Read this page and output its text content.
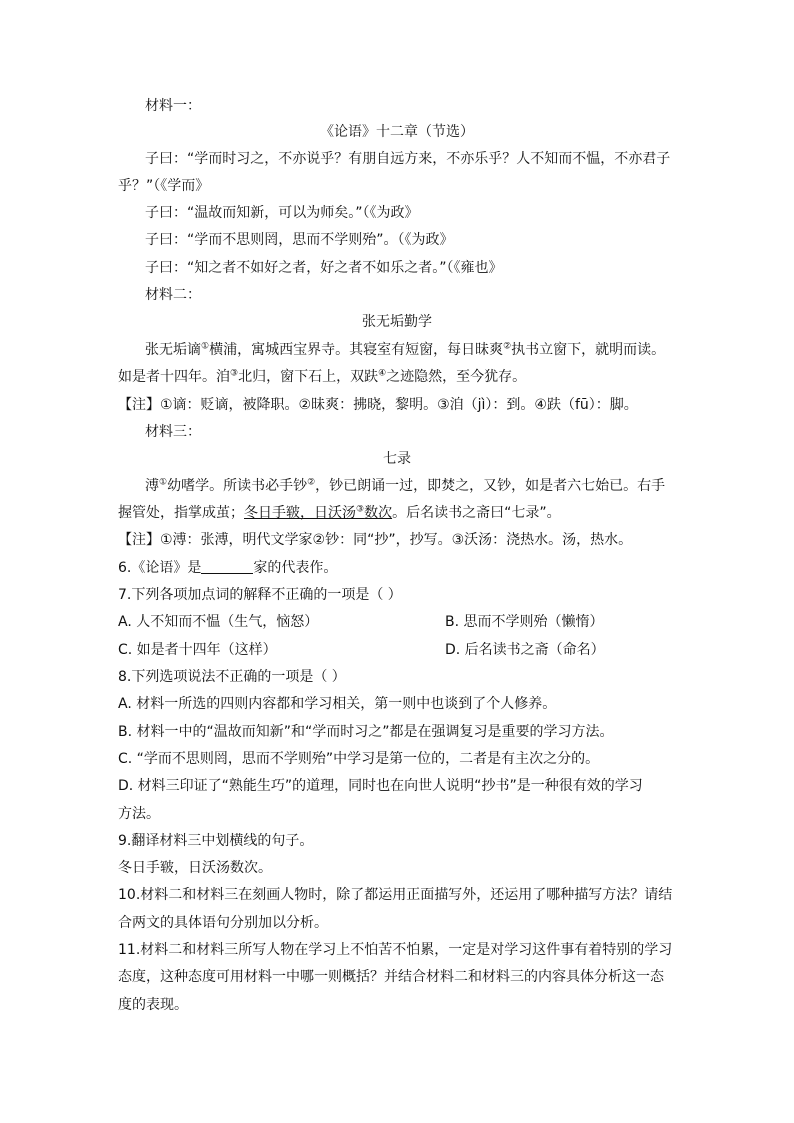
材料一：
《论语》十二章（节选）
子曰：“学而时习之，不亦说乎？有朋自远方来，不亦乐乎？人不知而不愠，不亦君子
乎？”（《学而》
子曰：“温故而知新，可以为师矣。”（《为政》
子曰：“学而不思则罔，思而不学则殆”。（《为政》
子曰：“知之者不如好之者，好之者不如乐之者。”（《雍也》
材料二：
张无垢勤学
张无垢谪①横浦，寓城西宝界寺。其寝室有短窗，每日昧爽②执书立窗下，就明而读。
如是者十四年。洎③北归，窗下石上，双趺④之迹隐然，至今犹存。
【注】①谪：贬谪，被降职。②昧爽：拂晓，黎明。③洎（jì）：到。④趺（fū）：脚。
材料三：
七录
溥①幼嗜学。所读书必手钞②，钞已朗诵一过，即焚之，又钞，如是者六七始已。右手
握管处，指掌成茧；冬日手皲，日沃汤③数次。后名读书之斋曰“七录”。
【注】①溥：张溥，明代文学家②钞：同“抄”，抄写。③沃汤：浇热水。汤，热水。
6.《论语》是	家的代表作。
7.下列各项加点词的解释不正确的一项是（ ）
A. 人不知而不愠（生气，恼怒）	B. 思而不学则殆（懒惰）
C. 如是者十四年（这样）	D. 后名读书之斋（命名）
8.下列选项说法不正确的一项是（ ）
A. 材料一所选的四则内容都和学习相关，第一则中也谈到了个人修养。
B. 材料一中的“温故而知新”和“学而时习之”都是在强调复习是重要的学习方法。
C. “学而不思则罔，思而不学则殆”中学习是第一位的，二者是有主次之分的。
D. 材料三印证了“熟能生巧”的道理，同时也在向世人说明“抄书”是一种很有效的学习
方法。
9.翻译材料三中划横线的句子。
冬日手皲，日沃汤数次。
10.材料二和材料三在刻画人物时，除了都运用正面描写外，还运用了哪种描写方法？请结
合两文的具体语句分别加以分析。
11.材料二和材料三所写人物在学习上不怕苦不怕累，一定是对学习这件事有着特别的学习
态度，这种态度可用材料一中哪一则概括？并结合材料二和材料三的内容具体分析这一态
度的表现。
